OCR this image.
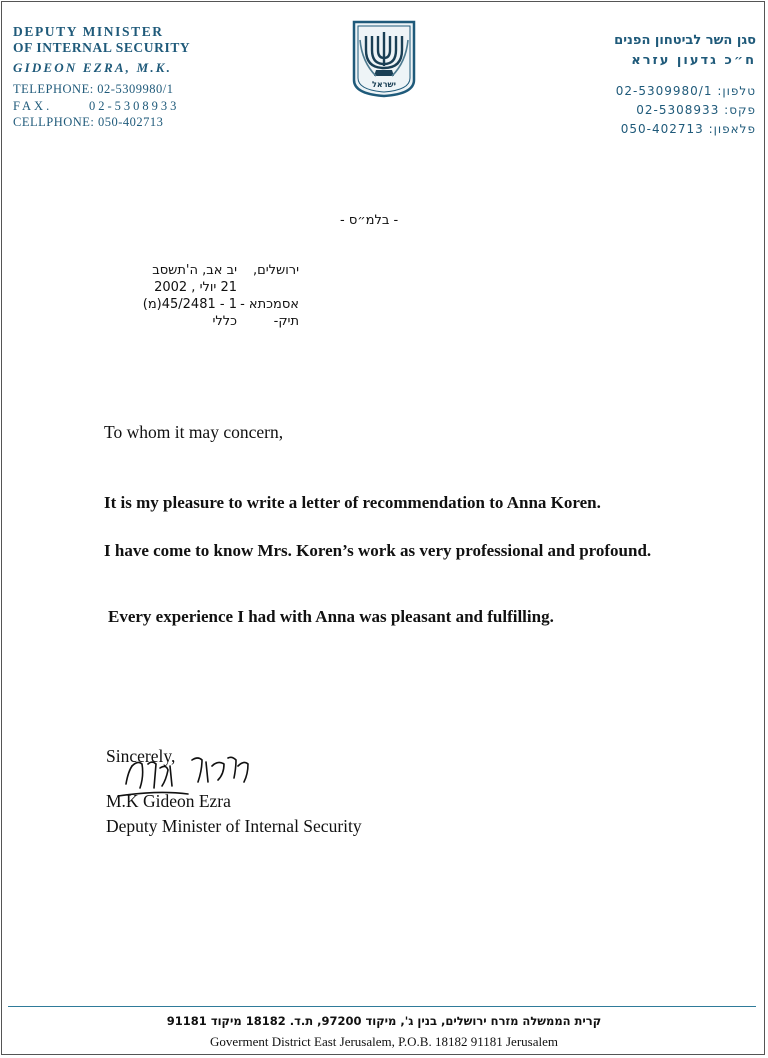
DEPUTY MINISTER
OF INTERNAL SECURITY
GIDEON EZRA, M.K.
TELEPHONE: 02-5309980/1
FAX.      02-5308933
CELLPHONE: 050-402713
ישראל
סגן השר לביטחון הפנים
ח״כ גדעון עזרא
טלפון: 02-5309980/1
פקס: 02-5308933
פלאפון: 050-402713
- בלמ״ס -
ירושלים,
יב אב, ה'תשסב
21 יולי , 2002
אסמכתא -
1 - 45/2481(מ)
תיק-
כללי

To whom it may concern,

It is my pleasure to write a letter of recommendation to Anna Koren.

I have come to know Mrs. Koren’s work as very professional and profound.

Every experience I had with Anna was pleasant and fulfilling.

Sincerely,
M.K Gideon Ezra
Deputy Minister of Internal Security
קרית הממשלה מזרח ירושלים, בנין ג', מיקוד 97200, ת.ד. 18182 מיקוד 91181
Goverment District East Jerusalem, P.O.B. 18182 91181 Jerusalem
